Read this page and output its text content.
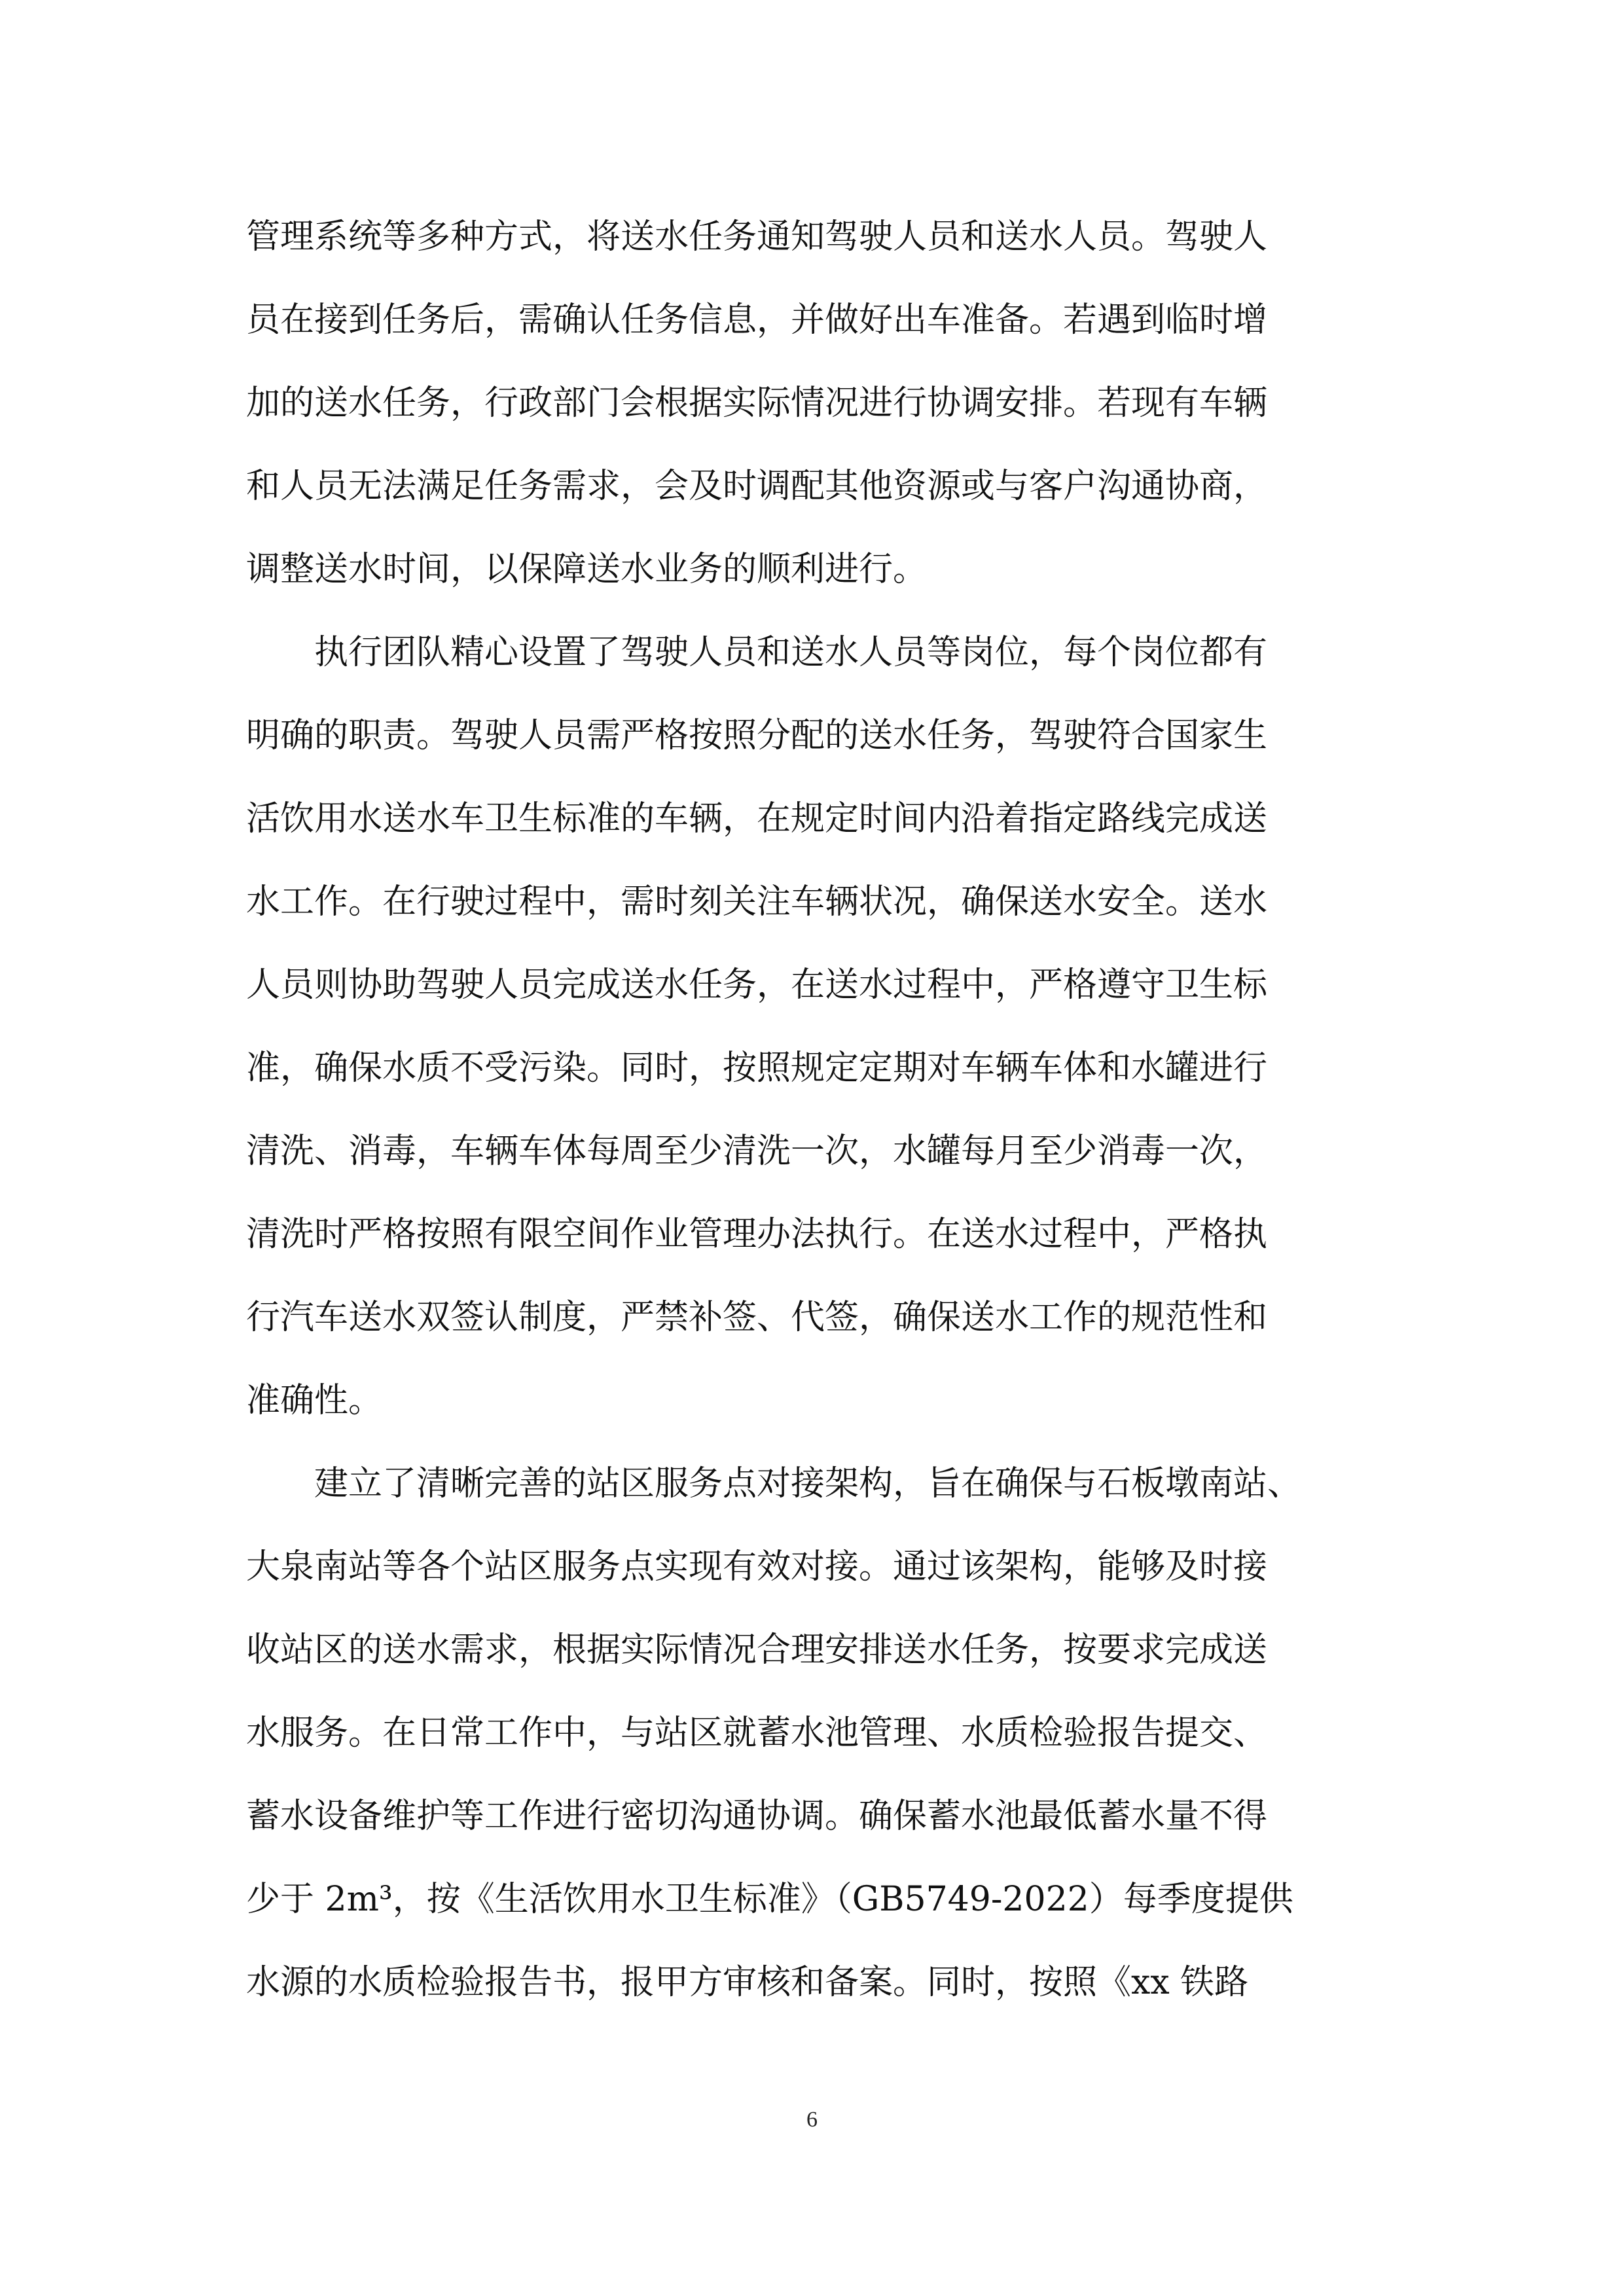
管理系统等多种方式，将送水任务通知驾驶人员和送水人员。驾驶人
员在接到任务后，需确认任务信息，并做好出车准备。若遇到临时增
加的送水任务，行政部门会根据实际情况进行协调安排。若现有车辆
和人员无法满足任务需求，会及时调配其他资源或与客户沟通协商，
调整送水时间，以保障送水业务的顺利进行。
执行团队精心设置了驾驶人员和送水人员等岗位，每个岗位都有
明确的职责。驾驶人员需严格按照分配的送水任务，驾驶符合国家生
活饮用水送水车卫生标准的车辆，在规定时间内沿着指定路线完成送
水工作。在行驶过程中，需时刻关注车辆状况，确保送水安全。送水
人员则协助驾驶人员完成送水任务，在送水过程中，严格遵守卫生标
准，确保水质不受污染。同时，按照规定定期对车辆车体和水罐进行
清洗、消毒，车辆车体每周至少清洗一次，水罐每月至少消毒一次，
清洗时严格按照有限空间作业管理办法执行。在送水过程中，严格执
行汽车送水双签认制度，严禁补签、代签，确保送水工作的规范性和
准确性。
建立了清晰完善的站区服务点对接架构，旨在确保与石板墩南站、
大泉南站等各个站区服务点实现有效对接。通过该架构，能够及时接
收站区的送水需求，根据实际情况合理安排送水任务，按要求完成送
水服务。在日常工作中，与站区就蓄水池管理、水质检验报告提交、
蓄水设备维护等工作进行密切沟通协调。确保蓄水池最低蓄水量不得
少于 2m³，按《生活饮用水卫生标准》（GB5749-2022）每季度提供
水源的水质检验报告书，报甲方审核和备案。同时，按照《xx 铁路
6
